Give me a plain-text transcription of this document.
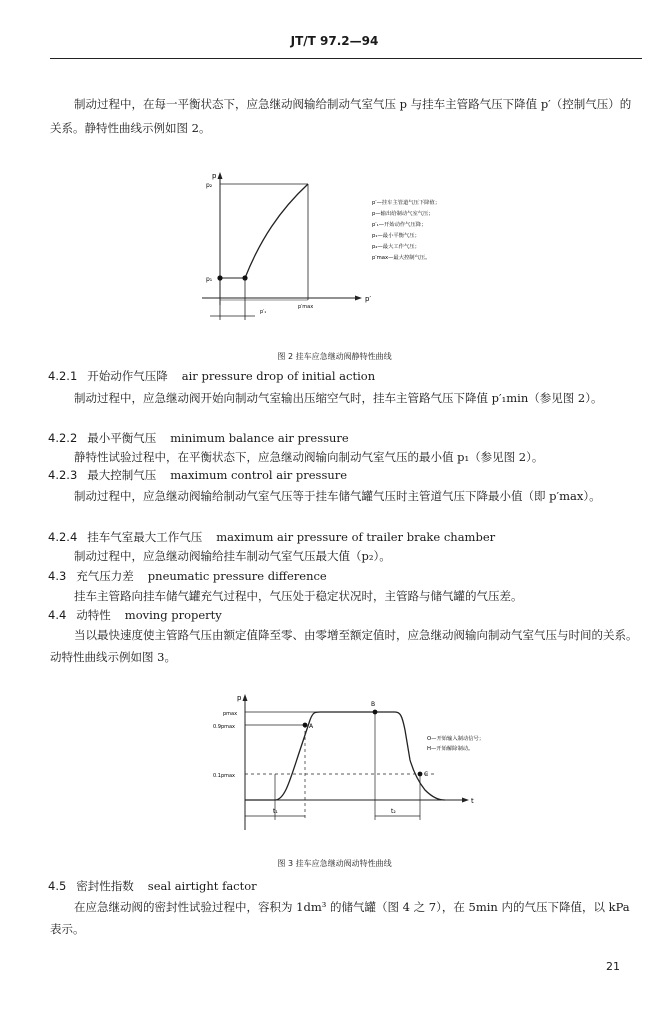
JT/T 97.2—94
制动过程中，在每一平衡状态下，应急继动阀输给制动气室气压 p 与挂车主管路气压下降值 p′（控制气压）的关系。静特性曲线示例如图 2。
p
p′
p₂
p₁
p′max
p′₁
p′—挂车主管道气压下降值；
p—输出给制动气室气压；
p′₁—开始动作气压降；
p₁—最小平衡气压；
p₂—最大工作气压；
p′max—最大控制气压。
图 2 挂车应急继动阀静特性曲线
4.2.1 开始动作气压降 air pressure drop of initial action
制动过程中，应急继动阀开始向制动气室输出压缩空气时，挂车主管路气压下降值 p′₁min（参见图 2）。
4.2.2 最小平衡气压 minimum balance air pressure
静特性试验过程中，在平衡状态下，应急继动阀输向制动气室气压的最小值 p₁（参见图 2）。
4.2.3 最大控制气压 maximum control air pressure
制动过程中，应急继动阀输给制动气室气压等于挂车储气罐气压时主管道气压下降最小值（即 p′max）。
4.2.4 挂车气室最大工作气压 maximum air pressure of trailer brake chamber
制动过程中，应急继动阀输给挂车制动气室气压最大值（p₂）。
4.3 充气压力差 pneumatic pressure difference
挂车主管路向挂车储气罐充气过程中，气压处于稳定状况时，主管路与储气罐的气压差。
4.4 动特性 moving property
当以最快速度使主管路气压由额定值降至零、由零增至额定值时，应急继动阀输向制动气室气压与时间的关系。动特性曲线示例如图 3。
p
t
pmax
0.9pmax
0.1pmax
A
B
C
t₁	t₂
O—开始输入制动信号；
H—开始解除制动。
图 3 挂车应急继动阀动特性曲线
4.5 密封性指数 seal airtight factor
在应急继动阀的密封性试验过程中，容积为 1dm³ 的储气罐（图 4 之 7），在 5min 内的气压下降值，以 kPa 表示。
21
